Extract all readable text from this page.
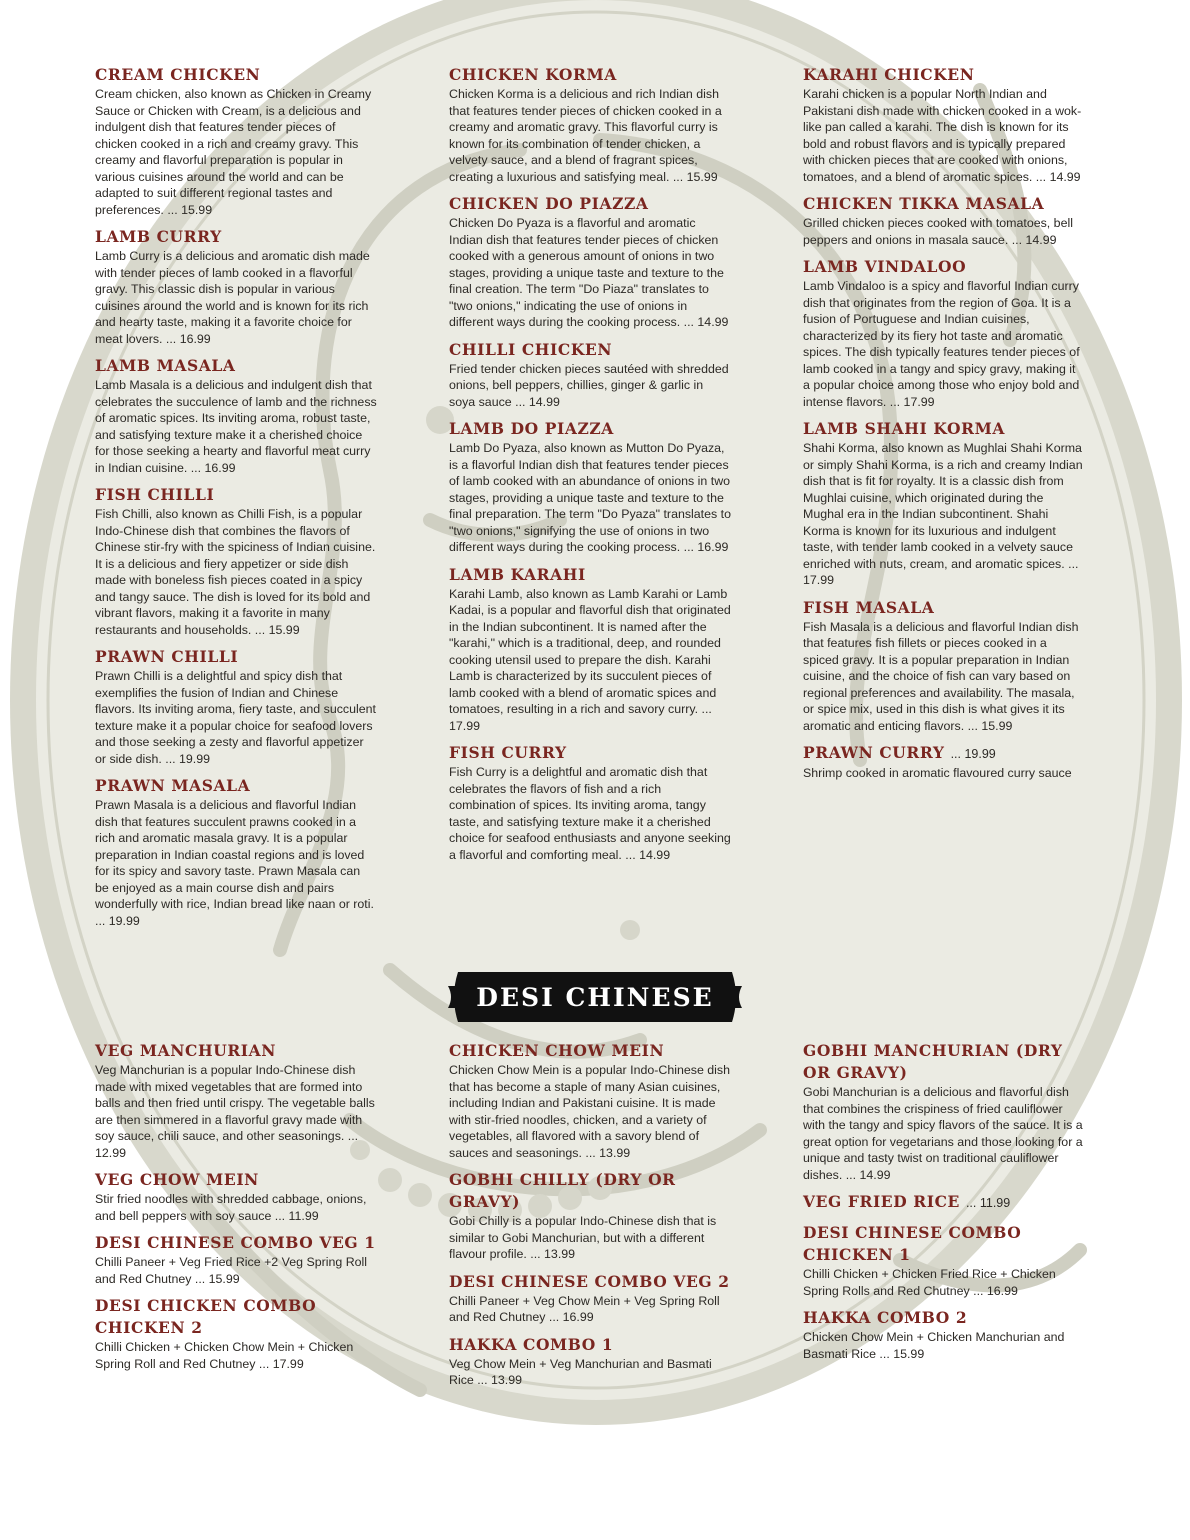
CREAM CHICKEN

Cream chicken, also known as Chicken in Creamy Sauce or Chicken with Cream, is a delicious and indulgent dish that features tender pieces of chicken cooked in a rich and creamy gravy. This creamy and flavorful preparation is popular in various cuisines around the world and can be adapted to suit different regional tastes and preferences. ... 15.99

LAMB CURRY

Lamb Curry is a delicious and aromatic dish made with tender pieces of lamb cooked in a flavorful gravy. This classic dish is popular in various cuisines around the world and is known for its rich and hearty taste, making it a favorite choice for meat lovers. ... 16.99

LAMB MASALA

Lamb Masala is a delicious and indulgent dish that celebrates the succulence of lamb and the richness of aromatic spices. Its inviting aroma, robust taste, and satisfying texture make it a cherished choice for those seeking a hearty and flavorful meat curry in Indian cuisine. ... 16.99

FISH CHILLI

Fish Chilli, also known as Chilli Fish, is a popular Indo-Chinese dish that combines the flavors of Chinese stir-fry with the spiciness of Indian cuisine. It is a delicious and fiery appetizer or side dish made with boneless fish pieces coated in a spicy and tangy sauce. The dish is loved for its bold and vibrant flavors, making it a favorite in many restaurants and households. ... 15.99

PRAWN CHILLI

Prawn Chilli is a delightful and spicy dish that exemplifies the fusion of Indian and Chinese flavors. Its inviting aroma, fiery taste, and succulent texture make it a popular choice for seafood lovers and those seeking a zesty and flavorful appetizer or side dish. ... 19.99

PRAWN MASALA

Prawn Masala is a delicious and flavorful Indian dish that features succulent prawns cooked in a rich and aromatic masala gravy. It is a popular preparation in Indian coastal regions and is loved for its spicy and savory taste. Prawn Masala can be enjoyed as a main course dish and pairs wonderfully with rice, Indian bread like naan or roti. ... 19.99

CHICKEN KORMA

Chicken Korma is a delicious and rich Indian dish that features tender pieces of chicken cooked in a creamy and aromatic gravy. This flavorful curry is known for its combination of tender chicken, a velvety sauce, and a blend of fragrant spices, creating a luxurious and satisfying meal. ... 15.99

CHICKEN DO PIAZZA

Chicken Do Pyaza is a flavorful and aromatic Indian dish that features tender pieces of chicken cooked with a generous amount of onions in two stages, providing a unique taste and texture to the final creation. The term "Do Piaza" translates to "two onions," indicating the use of onions in different ways during the cooking process. ... 14.99

CHILLI CHICKEN

Fried tender chicken pieces sautéed with shredded onions, bell peppers, chillies, ginger & garlic in soya sauce ... 14.99

LAMB DO PIAZZA

Lamb Do Pyaza, also known as Mutton Do Pyaza, is a flavorful Indian dish that features tender pieces of lamb cooked with an abundance of onions in two stages, providing a unique taste and texture to the final preparation. The term "Do Pyaza" translates to "two onions," signifying the use of onions in two different ways during the cooking process. ... 16.99

LAMB KARAHI

Karahi Lamb, also known as Lamb Karahi or Lamb Kadai, is a popular and flavorful dish that originated in the Indian subcontinent. It is named after the "karahi," which is a traditional, deep, and rounded cooking utensil used to prepare the dish. Karahi Lamb is characterized by its succulent pieces of lamb cooked with a blend of aromatic spices and tomatoes, resulting in a rich and savory curry. ... 17.99

FISH CURRY

Fish Curry is a delightful and aromatic dish that celebrates the flavors of fish and a rich combination of spices. Its inviting aroma, tangy taste, and satisfying texture make it a cherished choice for seafood enthusiasts and anyone seeking a flavorful and comforting meal. ... 14.99

KARAHI CHICKEN

Karahi chicken is a popular North Indian and Pakistani dish made with chicken cooked in a wok-like pan called a karahi. The dish is known for its bold and robust flavors and is typically prepared with chicken pieces that are cooked with onions, tomatoes, and a blend of aromatic spices. ... 14.99

CHICKEN TIKKA MASALA

Grilled chicken pieces cooked with tomatoes, bell peppers and onions in masala sauce. ... 14.99

LAMB VINDALOO

Lamb Vindaloo is a spicy and flavorful Indian curry dish that originates from the region of Goa. It is a fusion of Portuguese and Indian cuisines, characterized by its fiery hot taste and aromatic spices. The dish typically features tender pieces of lamb cooked in a tangy and spicy gravy, making it a popular choice among those who enjoy bold and intense flavors. ... 17.99

LAMB SHAHI KORMA

Shahi Korma, also known as Mughlai Shahi Korma or simply Shahi Korma, is a rich and creamy Indian dish that is fit for royalty. It is a classic dish from Mughlai cuisine, which originated during the Mughal era in the Indian subcontinent. Shahi Korma is known for its luxurious and indulgent taste, with tender lamb cooked in a velvety sauce enriched with nuts, cream, and aromatic spices. ... 17.99

FISH MASALA

Fish Masala is a delicious and flavorful Indian dish that features fish fillets or pieces cooked in a spiced gravy. It is a popular preparation in Indian cuisine, and the choice of fish can vary based on regional preferences and availability. The masala, or spice mix, used in this dish is what gives it its aromatic and enticing flavors. ... 15.99

PRAWN CURRY ... 19.99

Shrimp cooked in aromatic flavoured curry sauce

DESI CHINESE
VEG MANCHURIAN

Veg Manchurian is a popular Indo-Chinese dish made with mixed vegetables that are formed into balls and then fried until crispy. The vegetable balls are then simmered in a flavorful gravy made with soy sauce, chili sauce, and other seasonings. ... 12.99

VEG CHOW MEIN

Stir fried noodles with shredded cabbage, onions, and bell peppers with soy sauce ... 11.99

DESI CHINESE COMBO VEG 1

Chilli Paneer + Veg Fried Rice +2 Veg Spring Roll and Red Chutney ... 15.99

DESI CHICKEN COMBO CHICKEN 2

Chilli Chicken + Chicken Chow Mein + Chicken Spring Roll and Red Chutney ... 17.99

CHICKEN CHOW MEIN

Chicken Chow Mein is a popular Indo-Chinese dish that has become a staple of many Asian cuisines, including Indian and Pakistani cuisine. It is made with stir-fried noodles, chicken, and a variety of vegetables, all flavored with a savory blend of sauces and seasonings. ... 13.99

GOBHI CHILLY (DRY OR GRAVY)

Gobi Chilly is a popular Indo-Chinese dish that is similar to Gobi Manchurian, but with a different flavour profile. ... 13.99

DESI CHINESE COMBO VEG 2

Chilli Paneer + Veg Chow Mein + Veg Spring Roll and Red Chutney ... 16.99

HAKKA COMBO 1

Veg Chow Mein + Veg Manchurian and Basmati Rice ... 13.99

GOBHI MANCHURIAN (DRY OR GRAVY)

Gobi Manchurian is a delicious and flavorful dish that combines the crispiness of fried cauliflower with the tangy and spicy flavors of the sauce. It is a great option for vegetarians and those looking for a unique and tasty twist on traditional cauliflower dishes. ... 14.99

VEG FRIED RICE ... 11.99
DESI CHINESE COMBO CHICKEN 1

Chilli Chicken + Chicken Fried Rice + Chicken Spring Rolls and Red Chutney ... 16.99

HAKKA COMBO 2

Chicken Chow Mein + Chicken Manchurian and Basmati Rice ... 15.99
